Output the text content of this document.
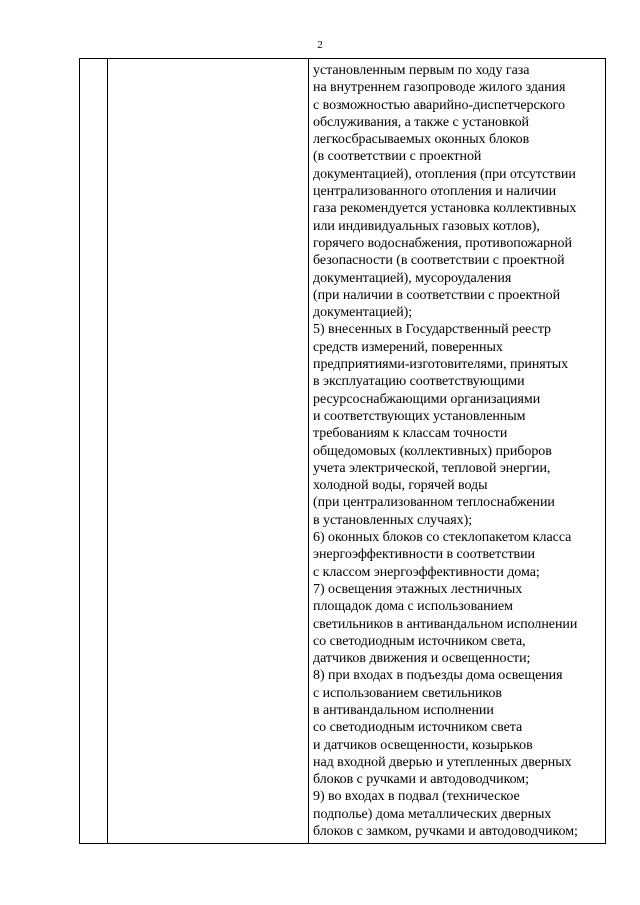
2
установленным первым по ходу газа
на внутреннем газопроводе жилого здания
с возможностью аварийно-диспетчерского
обслуживания, а также с установкой
легкосбрасываемых оконных блоков
(в соответствии с проектной
документацией), отопления (при отсутствии
централизованного отопления и наличии
газа рекомендуется установка коллективных
или индивидуальных газовых котлов),
горячего водоснабжения, противопожарной
безопасности (в соответствии с проектной
документацией), мусороудаления
(при наличии в соответствии с проектной
документацией);
5) внесенных в Государственный реестр
средств измерений, поверенных
предприятиями-изготовителями, принятых
в эксплуатацию соответствующими
ресурсоснабжающими организациями
и соответствующих установленным
требованиям к классам точности
общедомовых (коллективных) приборов
учета электрической, тепловой энергии,
холодной воды, горячей воды
(при централизованном теплоснабжении
в установленных случаях);
6) оконных блоков со стеклопакетом класса
энергоэффективности в соответствии
с классом энергоэффективности дома;
7) освещения этажных лестничных
площадок дома с использованием
светильников в антивандальном исполнении
со светодиодным источником света,
датчиков движения и освещенности;
8) при входах в подъезды дома освещения
с использованием светильников
в антивандальном исполнении
со светодиодным источником света
и датчиков освещенности, козырьков
над входной дверью и утепленных дверных
блоков с ручками и автодоводчиком;
9) во входах в подвал (техническое
подполье) дома металлических дверных
блоков с замком, ручками и автодоводчиком;
